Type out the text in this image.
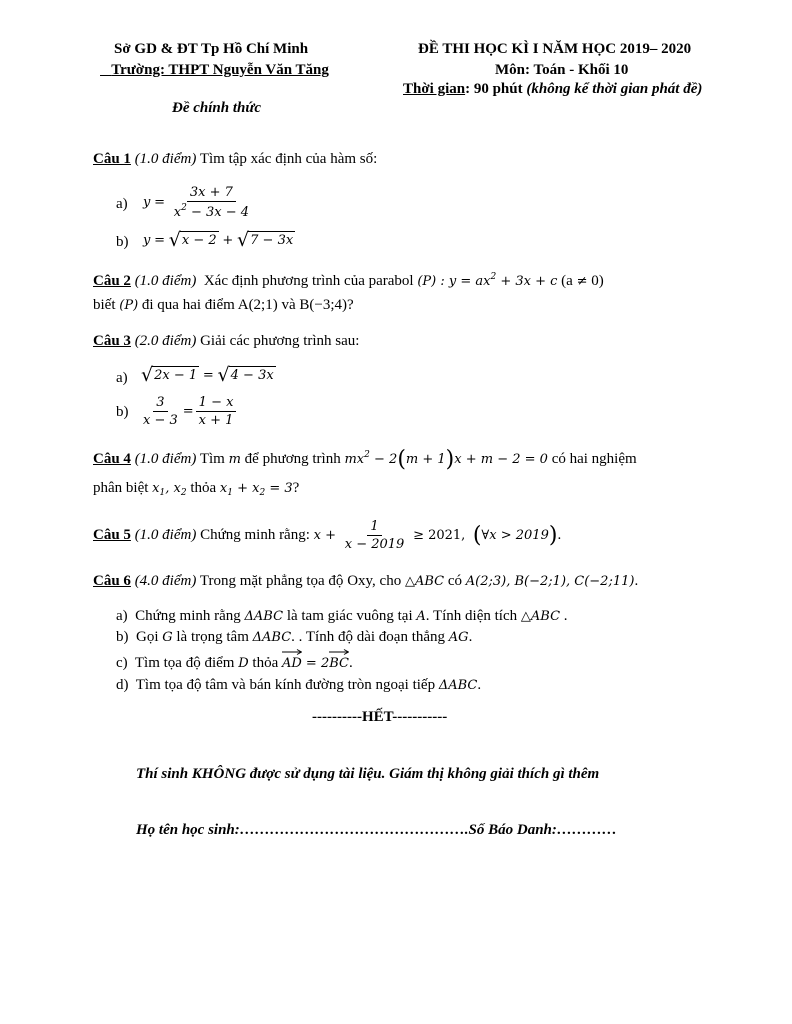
Sở GD & ĐT Tp Hồ Chí Minh
Trường: THPT Nguyễn Văn Tăng
Đề chính thức
ĐỀ THI HỌC KÌ I NĂM HỌC 2019– 2020
Môn: Toán - Khối 10
Thời gian: 90 phút (không kể thời gian phát đề)
Câu 1 (1.0 điểm) Tìm tập xác định của hàm số:
a) $y = \frac{3x + 7}{x^2 - 3x - 4}$
b) y = √ x − 2 + √ 7 − 3x
Câu 2 (1.0 điểm) Xác định phương trình của parabol (P) : $y = ax^2 + 3x + c$ (a ≠ 0)
biết (P) đi qua hai điểm A(2;1) và B(−3;4)?
Câu 3 (2.0 điểm) Giải các phương trình sau:
a) √ 2x − 1 = √ 4 − 3x
$b) \frac{3}{x - 3} = \frac{1 - x}{x + 1}$
Câu 4 (1.0 điểm) Tìm m để phương trình $mx^2 - 2(m + 1)x + m - 2 = 0$ có hai nghiệm
phân biệt $x_1$, $x_2$ thỏa $x_1 + x_2 = 3$?
Câu 5 (1.0 điểm) Chứng minh rằng: $x + \frac{1}{x - 2019} \ge 2021$, (∀x > 2019).
Câu 6 (4.0 điểm) Trong mặt phẳng tọa độ Oxy, cho △ABC có A(2;3), B(−2;1), C(−2;11).
a) Chứng minh rằng ΔABC là tam giác vuông tại A. Tính diện tích △ABC .
b) Gọi G là trọng tâm ΔABC. . Tính độ dài đoạn thẳng AG.
c) Tìm tọa độ điểm D thỏa AD
= 2BC
.
d) Tìm tọa độ tâm và bán kính đường tròn ngoại tiếp ΔABC.
----------HẾT-----------
Thí sinh KHÔNG được sử dụng tài liệu. Giám thị không giải thích gì thêm
Họ tên học sinh:……………………………………….Số Báo Danh:…………
